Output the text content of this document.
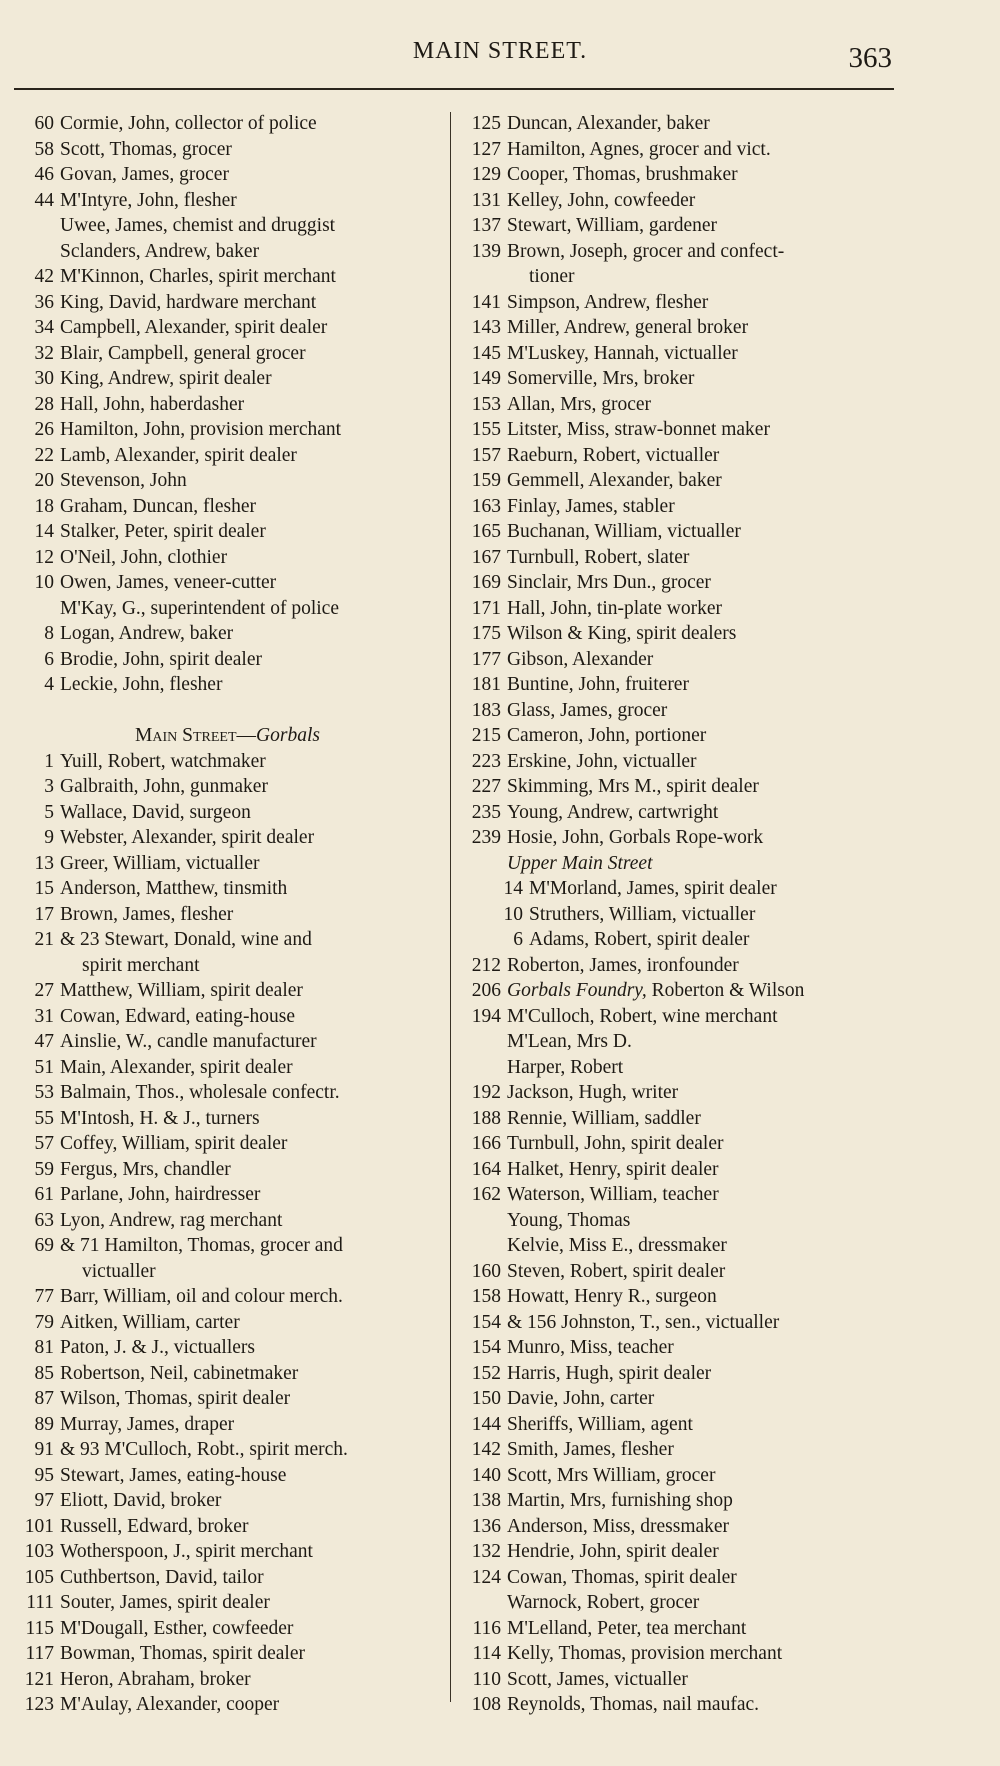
MAIN STREET.	363
60 Cormie, John, collector of police
58 Scott, Thomas, grocer
46 Govan, James, grocer
44 M'Intyre, John, flesher
Uwee, James, chemist and druggist
Sclanders, Andrew, baker
42 M'Kinnon, Charles, spirit merchant
36 King, David, hardware merchant
34 Campbell, Alexander, spirit dealer
32 Blair, Campbell, general grocer
30 King, Andrew, spirit dealer
28 Hall, John, haberdasher
26 Hamilton, John, provision merchant
22 Lamb, Alexander, spirit dealer
20 Stevenson, John
18 Graham, Duncan, flesher
14 Stalker, Peter, spirit dealer
12 O'Neil, John, clothier
10 Owen, James, veneer-cutter
M'Kay, G., superintendent of police
8 Logan, Andrew, baker
6 Brodie, John, spirit dealer
4 Leckie, John, flesher
Main Street—Gorbals
1 Yuill, Robert, watchmaker
3 Galbraith, John, gunmaker
5 Wallace, David, surgeon
9 Webster, Alexander, spirit dealer
13 Greer, William, victualler
15 Anderson, Matthew, tinsmith
17 Brown, James, flesher
21 & 23 Stewart, Donald, wine and
spirit merchant
27 Matthew, William, spirit dealer
31 Cowan, Edward, eating-house
47 Ainslie, W., candle manufacturer
51 Main, Alexander, spirit dealer
53 Balmain, Thos., wholesale confectr.
55 M'Intosh, H. & J., turners
57 Coffey, William, spirit dealer
59 Fergus, Mrs, chandler
61 Parlane, John, hairdresser
63 Lyon, Andrew, rag merchant
69 & 71 Hamilton, Thomas, grocer and
victualler
77 Barr, William, oil and colour merch.
79 Aitken, William, carter
81 Paton, J. & J., victuallers
85 Robertson, Neil, cabinetmaker
87 Wilson, Thomas, spirit dealer
89 Murray, James, draper
91 & 93 M'Culloch, Robt., spirit merch.
95 Stewart, James, eating-house
97 Eliott, David, broker
101 Russell, Edward, broker
103 Wotherspoon, J., spirit merchant
105 Cuthbertson, David, tailor
111 Souter, James, spirit dealer
115 M'Dougall, Esther, cowfeeder
117 Bowman, Thomas, spirit dealer
121 Heron, Abraham, broker
123 M'Aulay, Alexander, cooper
125 Duncan, Alexander, baker
127 Hamilton, Agnes, grocer and vict.
129 Cooper, Thomas, brushmaker
131 Kelley, John, cowfeeder
137 Stewart, William, gardener
139 Brown, Joseph, grocer and confect-
tioner
141 Simpson, Andrew, flesher
143 Miller, Andrew, general broker
145 M'Luskey, Hannah, victualler
149 Somerville, Mrs, broker
153 Allan, Mrs, grocer
155 Litster, Miss, straw-bonnet maker
157 Raeburn, Robert, victualler
159 Gemmell, Alexander, baker
163 Finlay, James, stabler
165 Buchanan, William, victualler
167 Turnbull, Robert, slater
169 Sinclair, Mrs Dun., grocer
171 Hall, John, tin-plate worker
175 Wilson & King, spirit dealers
177 Gibson, Alexander
181 Buntine, John, fruiterer
183 Glass, James, grocer
215 Cameron, John, portioner
223 Erskine, John, victualler
227 Skimming, Mrs M., spirit dealer
235 Young, Andrew, cartwright
239 Hosie, John, Gorbals Rope-work
Upper Main Street
14 M'Morland, James, spirit dealer
10 Struthers, William, victualler
6 Adams, Robert, spirit dealer
212 Roberton, James, ironfounder
206 Gorbals Foundry, Roberton & Wilson
194 M'Culloch, Robert, wine merchant
M'Lean, Mrs D.
Harper, Robert
192 Jackson, Hugh, writer
188 Rennie, William, saddler
166 Turnbull, John, spirit dealer
164 Halket, Henry, spirit dealer
162 Waterson, William, teacher
Young, Thomas
Kelvie, Miss E., dressmaker
160 Steven, Robert, spirit dealer
158 Howatt, Henry R., surgeon
154 & 156 Johnston, T., sen., victualler
154 Munro, Miss, teacher
152 Harris, Hugh, spirit dealer
150 Davie, John, carter
144 Sheriffs, William, agent
142 Smith, James, flesher
140 Scott, Mrs William, grocer
138 Martin, Mrs, furnishing shop
136 Anderson, Miss, dressmaker
132 Hendrie, John, spirit dealer
124 Cowan, Thomas, spirit dealer
Warnock, Robert, grocer
116 M'Lelland, Peter, tea merchant
114 Kelly, Thomas, provision merchant
110 Scott, James, victualler
108 Reynolds, Thomas, nail maufac.
